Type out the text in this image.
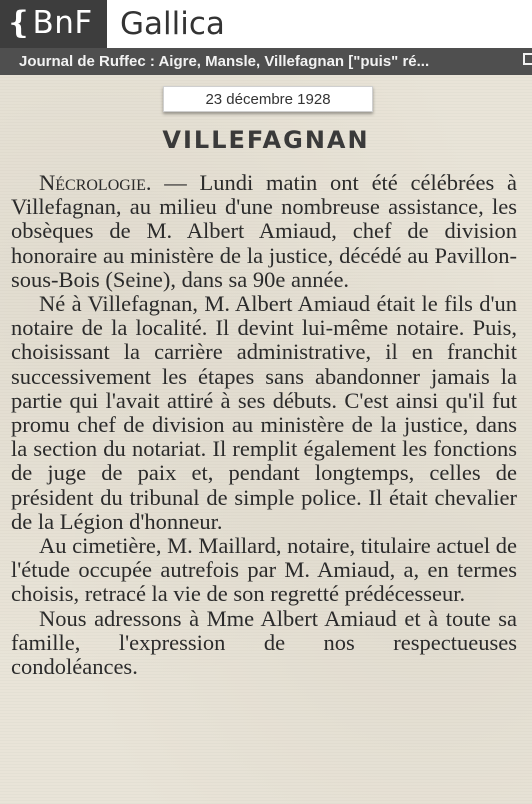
❴BnF Gallica
Journal de Ruffec : Aigre, Mansle, Villefagnan ["puis" ré...
23 décembre 1928
VILLEFAGNAN

Nécrologie. — Lundi matin ont été célébrées à Villefagnan, au milieu d'une nombreuse assistance, les obsèques de M. Albert Amiaud, chef de division honoraire au ministère de la justice, décédé au Pavillon-sous-Bois (Seine), dans sa 90e année.

Né à Villefagnan, M. Albert Amiaud était le fils d'un notaire de la localité. Il devint lui-même notaire. Puis, choisissant la carrière administrative, il en franchit successivement les étapes sans abandonner jamais la partie qui l'avait attiré à ses débuts. C'est ainsi qu'il fut promu chef de division au ministère de la justice, dans la section du notariat. Il remplit également les fonctions de juge de paix et, pendant longtemps, celles de président du tribunal de simple police. Il était chevalier de la Légion d'honneur.

Au cimetière, M. Maillard, notaire, titulaire actuel de l'étude occupée autrefois par M. Amiaud, a, en termes choisis, retracé la vie de son regretté prédécesseur.

Nous adressons à Mme Albert Amiaud et à toute sa famille, l'expression de nos respectueuses condoléances.
